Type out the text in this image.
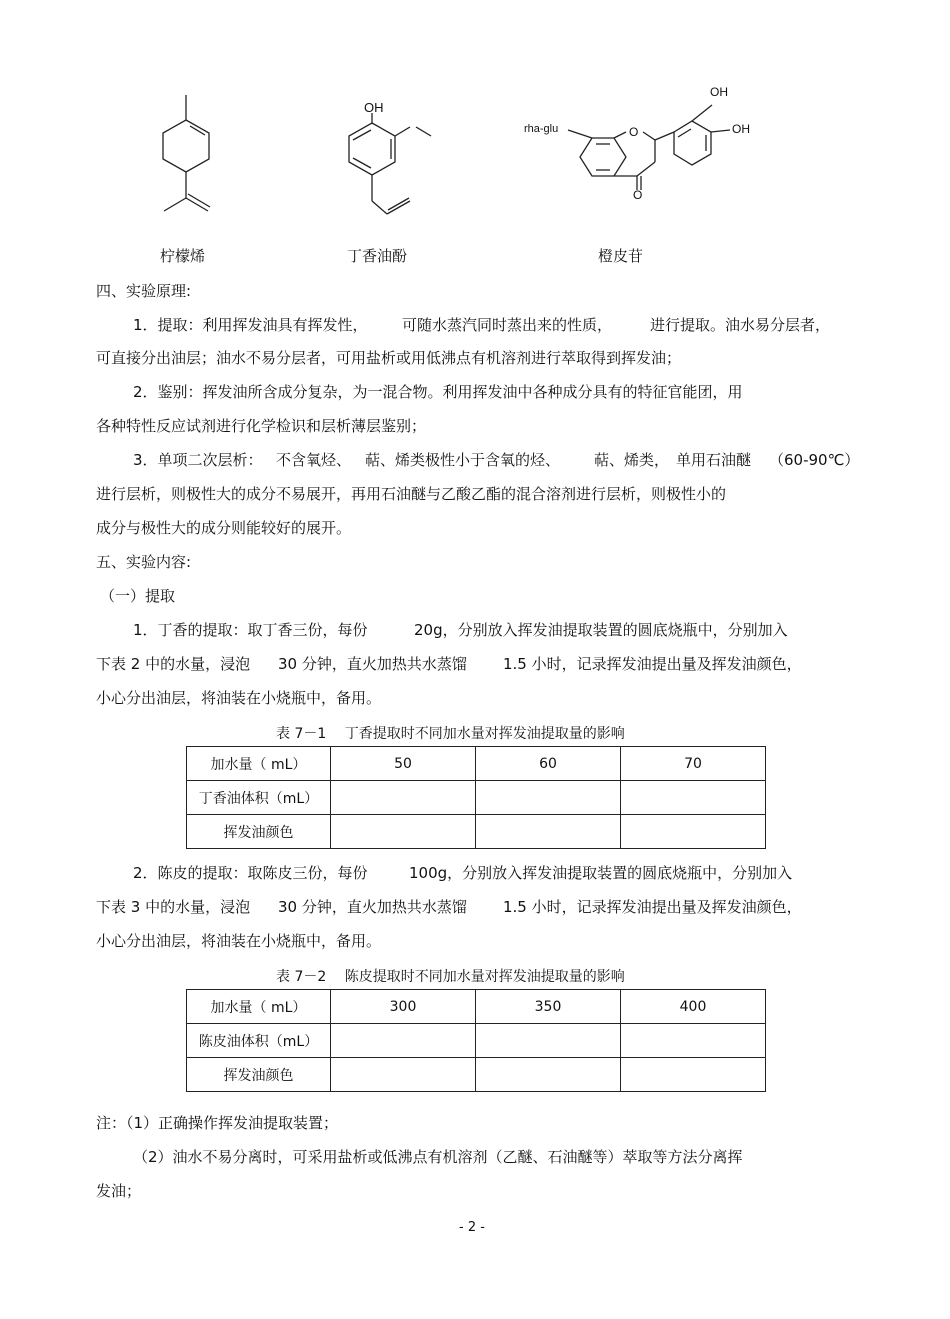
OH
rha-glu	O
O
OH
OH
柠檬烯	丁香油酚	橙皮苷
四、实验原理:
1．提取：利用挥发油具有挥发性， 可随水蒸汽同时蒸出来的性质，	进行提取。油水易分层者，
可直接分出油层；油水不易分层者，可用盐析或用低沸点有机溶剂进行萃取得到挥发油；
2．鉴别：挥发油所含成分复杂，为一混合物。利用挥发油中各种成分具有的特征官能团，用
各种特性反应试剂进行化学检识和层析薄层鉴别；
3．单项二次层析： 不含氧烃、 萜、烯类极性小于含氧的烃、 萜、烯类， 单用石油醚 （60-90℃）
进行层析，则极性大的成分不易展开，再用石油醚与乙酸乙酯的混合溶剂进行层析，则极性小的
成分与极性大的成分则能较好的展开。
五、实验内容:
（一）提取
1．丁香的提取：取丁香三份，每份	20g，分别放入挥发油提取装置的圆底烧瓶中，分别加入
下表 2 中的水量，浸泡 30 分钟，直火加热共水蒸馏 1.5 小时，记录挥发油提出量及挥发油颜色，
小心分出油层，将油装在小烧瓶中，备用。
表 7－1　 丁香提取时不同加水量对挥发油提取量的影响
加水量（ mL）	50	60	70
丁香油体积（mL）			
挥发油颜色			
2．陈皮的提取：取陈皮三份，每份	100g，分别放入挥发油提取装置的圆底烧瓶中，分别加入
下表 3 中的水量，浸泡 30 分钟，直火加热共水蒸馏 1.5 小时，记录挥发油提出量及挥发油颜色，
小心分出油层，将油装在小烧瓶中，备用。
表 7－2　 陈皮提取时不同加水量对挥发油提取量的影响
加水量（ mL）	300	350	400
陈皮油体积（mL）			
挥发油颜色			
注：（1）正确操作挥发油提取装置；
（2）油水不易分离时，可采用盐析或低沸点有机溶剂（乙醚、石油醚等）萃取等方法分离挥
发油；
- 2 -
